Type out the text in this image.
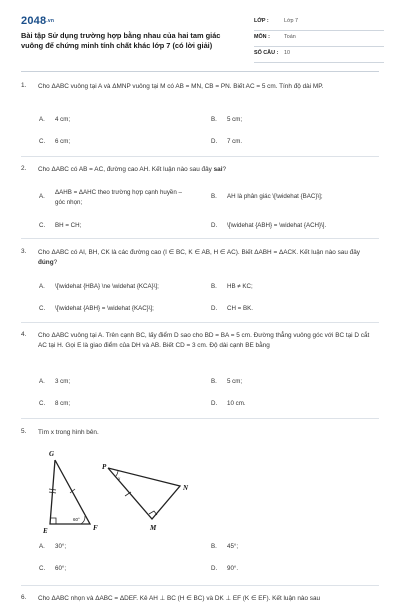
2048.vn
Bài tập Sử dụng trường hợp bằng nhau của hai tam giác vuông để chứng minh tính chất khác lớp 7 (có lời giải)
LỚP :	Lớp 7
MÔN :	Toán
SỐ CÂU : 10
1. Cho ΔABC vuông tại A và ΔMNP vuông tại M có AB = MN, CB = PN. Biết AC = 5 cm. Tính độ dài MP.
A. 4 cm;	B. 5 cm;
C. 6 cm;	D. 7 cm.
2. Cho ΔABC có AB = AC, đường cao AH. Kết luận nào sau đây sai?
A.
ΔAHB = ΔAHC theo trường hợp cạnh huyền – góc nhọn;
B. AH là phân giác \[\widehat {BAC}\];
C. BH = CH;	D. \[\widehat {ABH} = \widehat {ACH}\].
3. Cho ΔABC có AI, BH, CK là các đường cao (I ∈ BC, K ∈ AB, H ∈ AC). Biết ΔABH = ΔACK. Kết luận nào sau đây đúng?
A. \[\widehat {HBA} \ne \widehat {KCA}\];	B. HB ≠ KC;
C. \[\widehat {ABH} = \widehat {KAC}\];	D. CH = BK.
4. Cho ΔABC vuông tại A. Trên cạnh BC, lấy điểm D sao cho BD = BA = 5 cm. Đường thẳng vuông góc với BC tại D cắt AC tại H. Gọi E là giao điểm của DH và AB. Biết CD = 3 cm. Độ dài cạnh BE bằng
A. 3 cm;	B. 5 cm;
C. 8 cm;	D. 10 cm.
5. Tìm x trong hình bên.
G
E	F
60°
P
N
M
x
A. 30°;	B. 45°;
C. 60°;	D. 90°.
6. Cho ΔABC nhọn và ΔABC = ΔDEF. Kẻ AH ⊥ BC (H ∈ BC) và DK ⊥ EF (K ∈ EF). Kết luận nào sau
